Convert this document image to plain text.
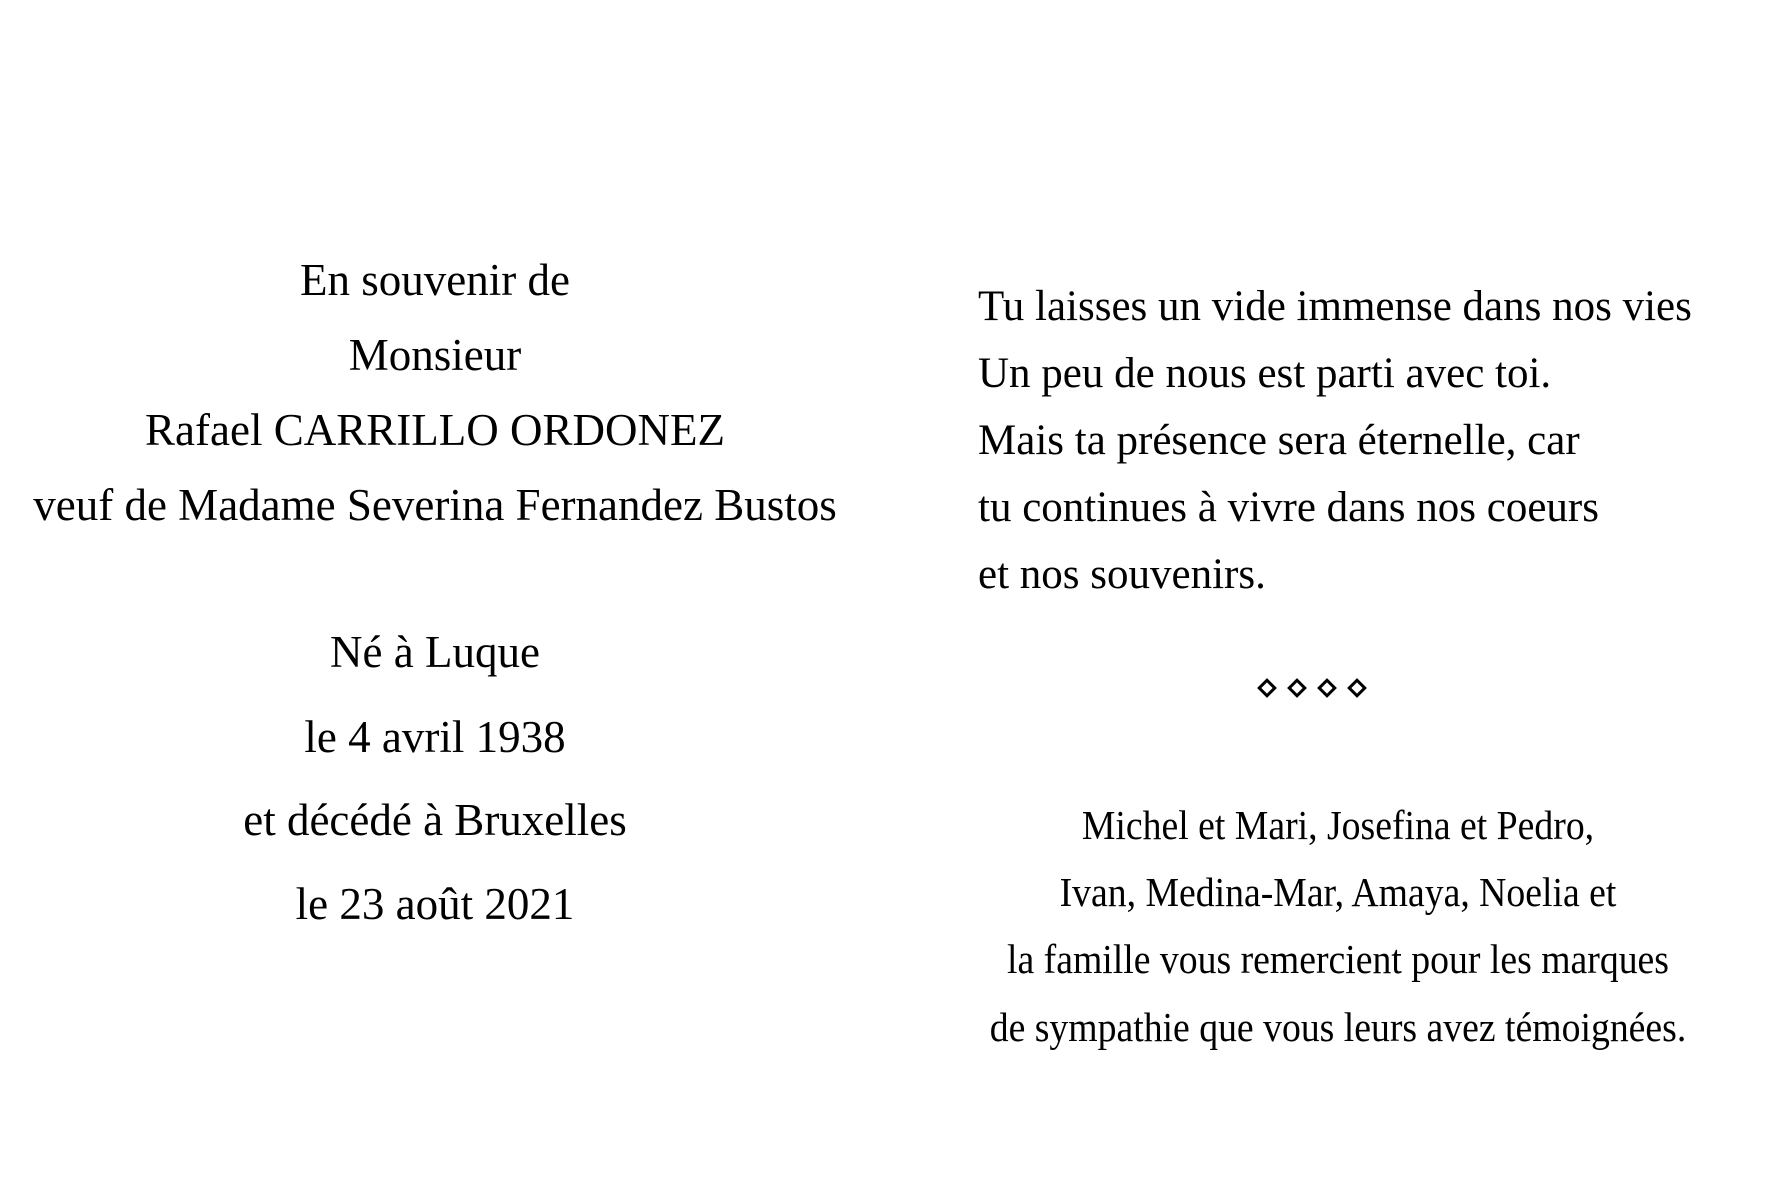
En souvenir de
Monsieur
Rafael CARRILLO ORDONEZ
veuf de Madame Severina Fernandez Bustos
Né à Luque
le 4 avril 1938
et décédé à Bruxelles
le 23 août 2021
Tu laisses un vide immense dans nos vies
Un peu de nous est parti avec toi.
Mais ta présence sera éternelle, car
tu continues à vivre dans nos coeurs
et nos souvenirs.
Michel et Mari, Josefina et Pedro,
Ivan, Medina-Mar, Amaya, Noelia et
la famille vous remercient pour les marques
de sympathie que vous leurs avez témoignées.
